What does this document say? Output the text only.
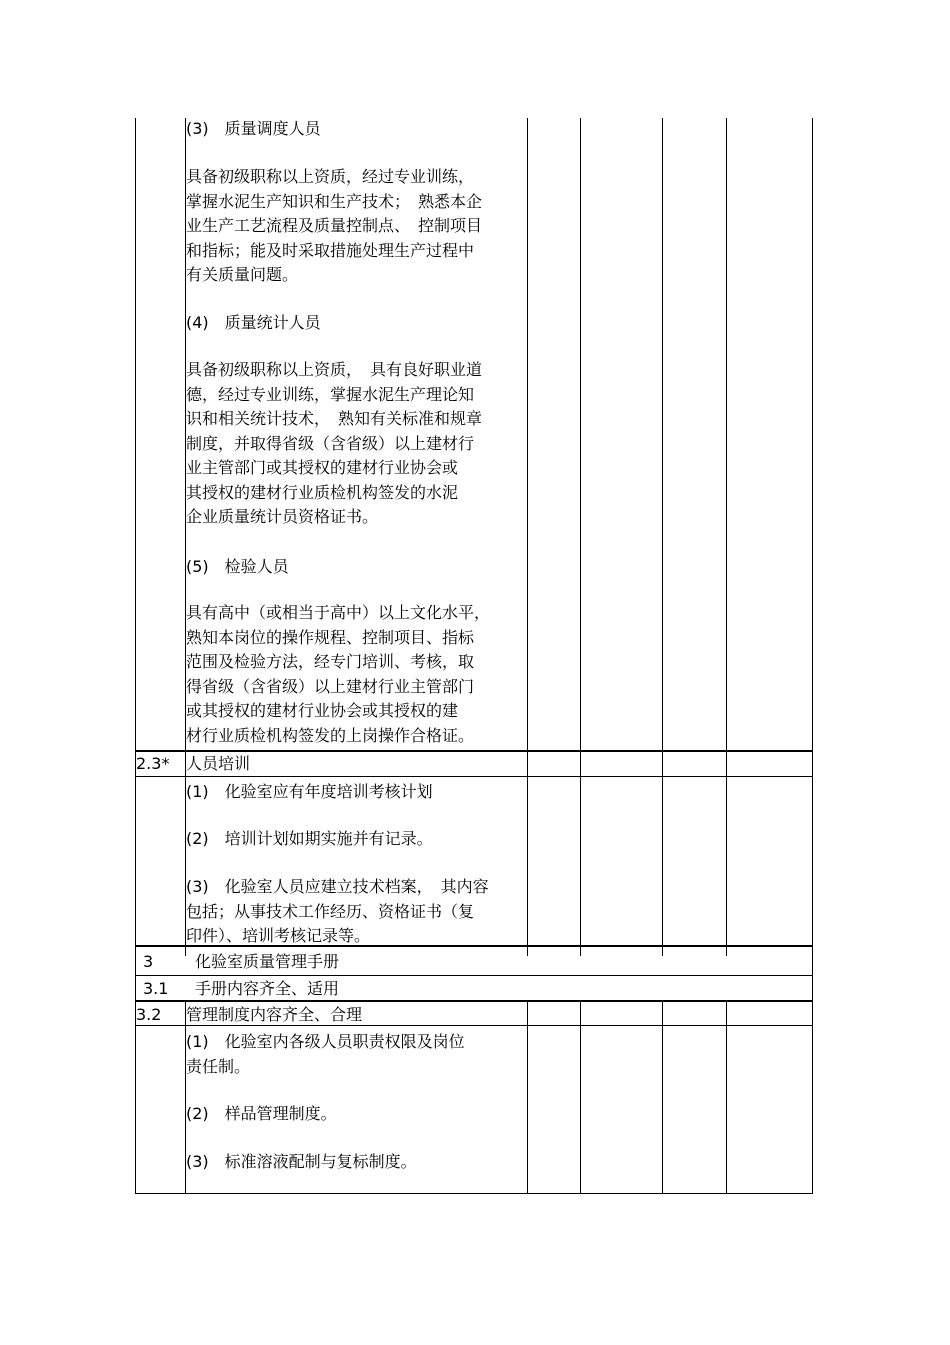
(3)　质量调度人员
具备初级职称以上资质，经过专业训练，
掌握水泥生产知识和生产技术；　熟悉本企
业生产工艺流程及质量控制点、　控制项目
和指标；能及时采取措施处理生产过程中
有关质量问题。
(4)　质量统计人员
具备初级职称以上资质，　具有良好职业道
德，经过专业训练，掌握水泥生产理论知
识和相关统计技术，　熟知有关标准和规章
制度，并取得省级（含省级）以上建材行
业主管部门或其授权的建材行业协会或
其授权的建材行业质检机构签发的水泥
企业质量统计员资格证书。
(5)　检验人员
具有高中（或相当于高中）以上文化水平，
熟知本岗位的操作规程、控制项目、指标
范围及检验方法，经专门培训、考核，取
得省级（含省级）以上建材行业主管部门
或其授权的建材行业协会或其授权的建
材行业质检机构签发的上岗操作合格证。
2.3* 人员培训
(1)　化验室应有年度培训考核计划
(2)　培训计划如期实施并有记录。
(3)　化验室人员应建立技术档案，　其内容
包括；从事技术工作经历、资格证书（复
印件）、培训考核记录等。
3	化验室质量管理手册
3.1 手册内容齐全、适用
3.2 管理制度内容齐全、合理
(1)　化验室内各级人员职责权限及岗位
责任制。
(2)　样品管理制度。
(3)　标准溶液配制与复标制度。
